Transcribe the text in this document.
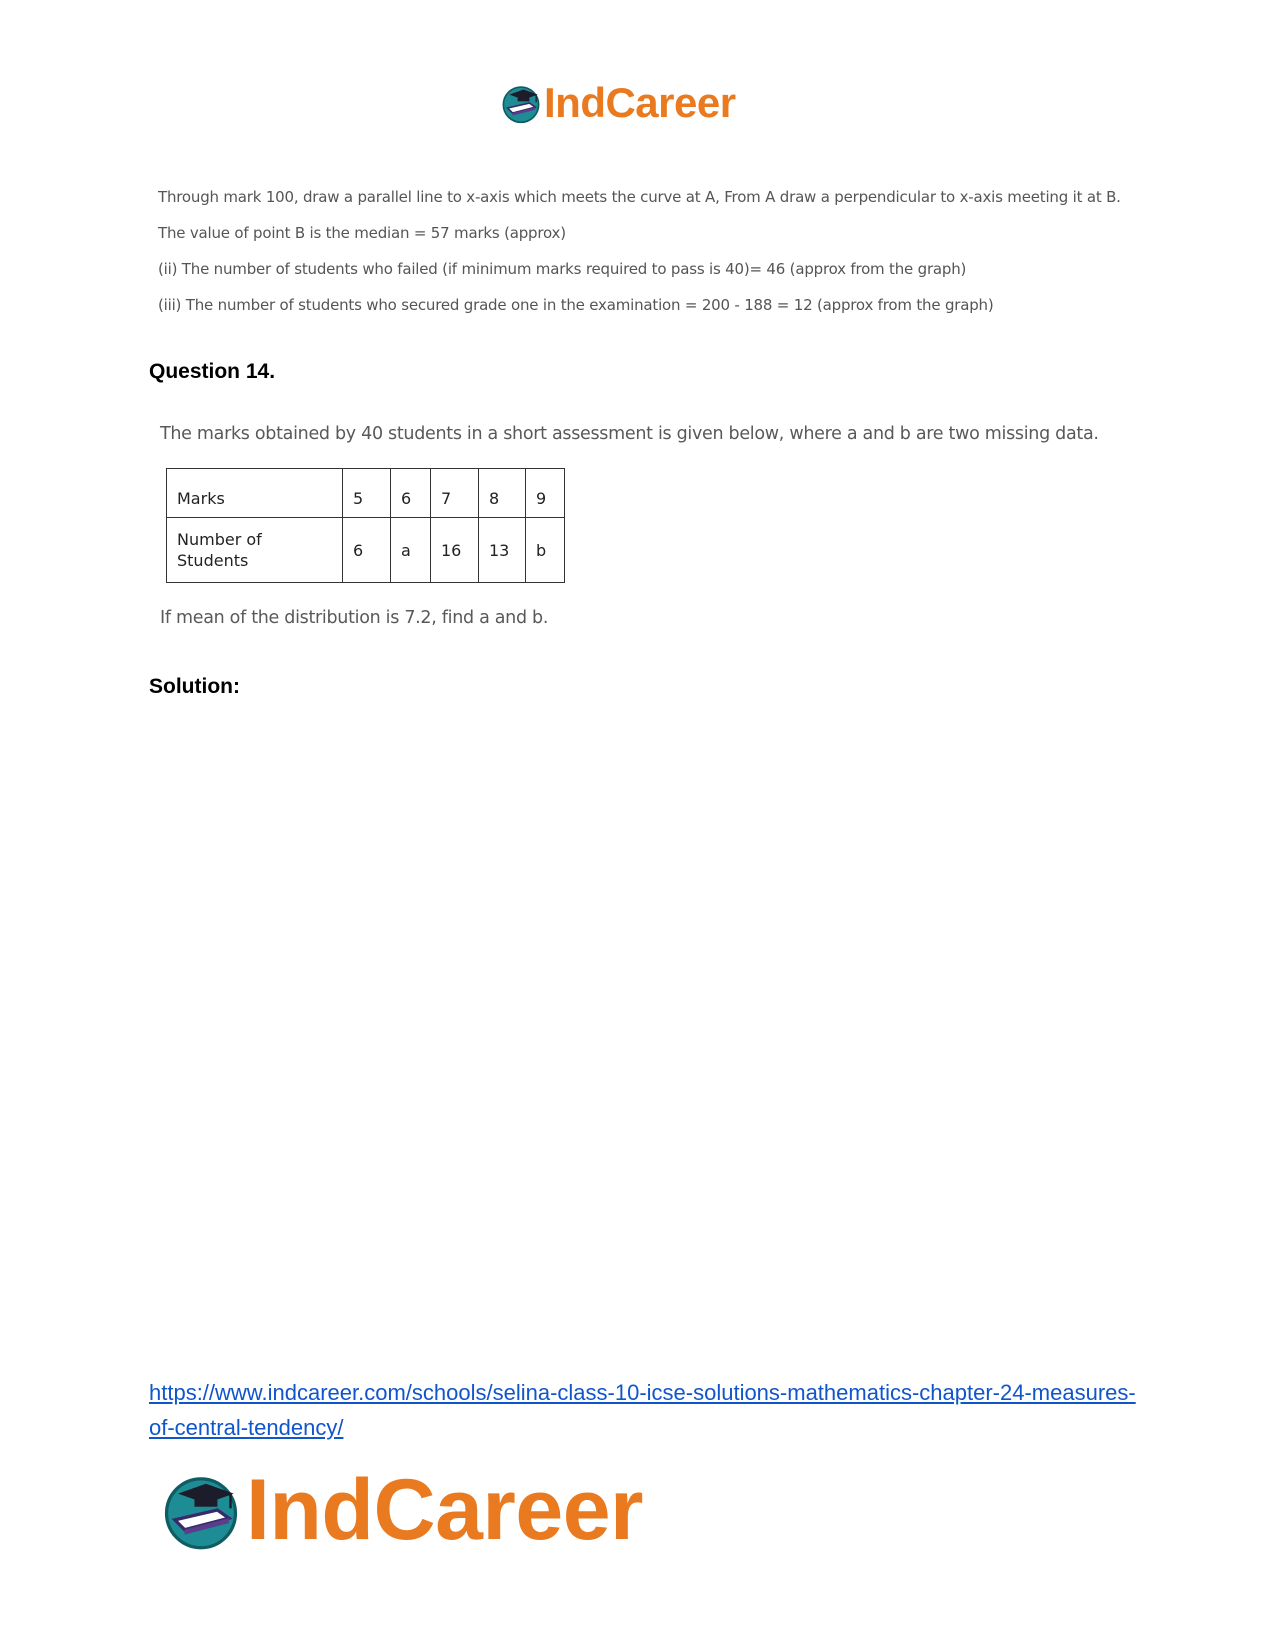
IndCareer
Through mark 100, draw a parallel line to x-axis which meets the curve at A, From A draw a perpendicular to x-axis meeting it at B.
The value of point B is the median = 57 marks (approx)
(ii) The number of students who failed (if minimum marks required to pass is 40)= 46 (approx from the graph)
(iii) The number of students who secured grade one in the examination = 200 - 188 = 12 (approx from the graph)
Question 14.
The marks obtained by 40 students in a short assessment is given below, where a and b are two missing data.
Marks	5	6	7	8	9

Number of
Students	6	a	16	13	b
If mean of the distribution is 7.2, find a and b.
Solution:
https://www.indcareer.com/schools/selina-class-10-icse-solutions-mathematics-chapter-24-measures-of-central-tendency/
IndCareer
